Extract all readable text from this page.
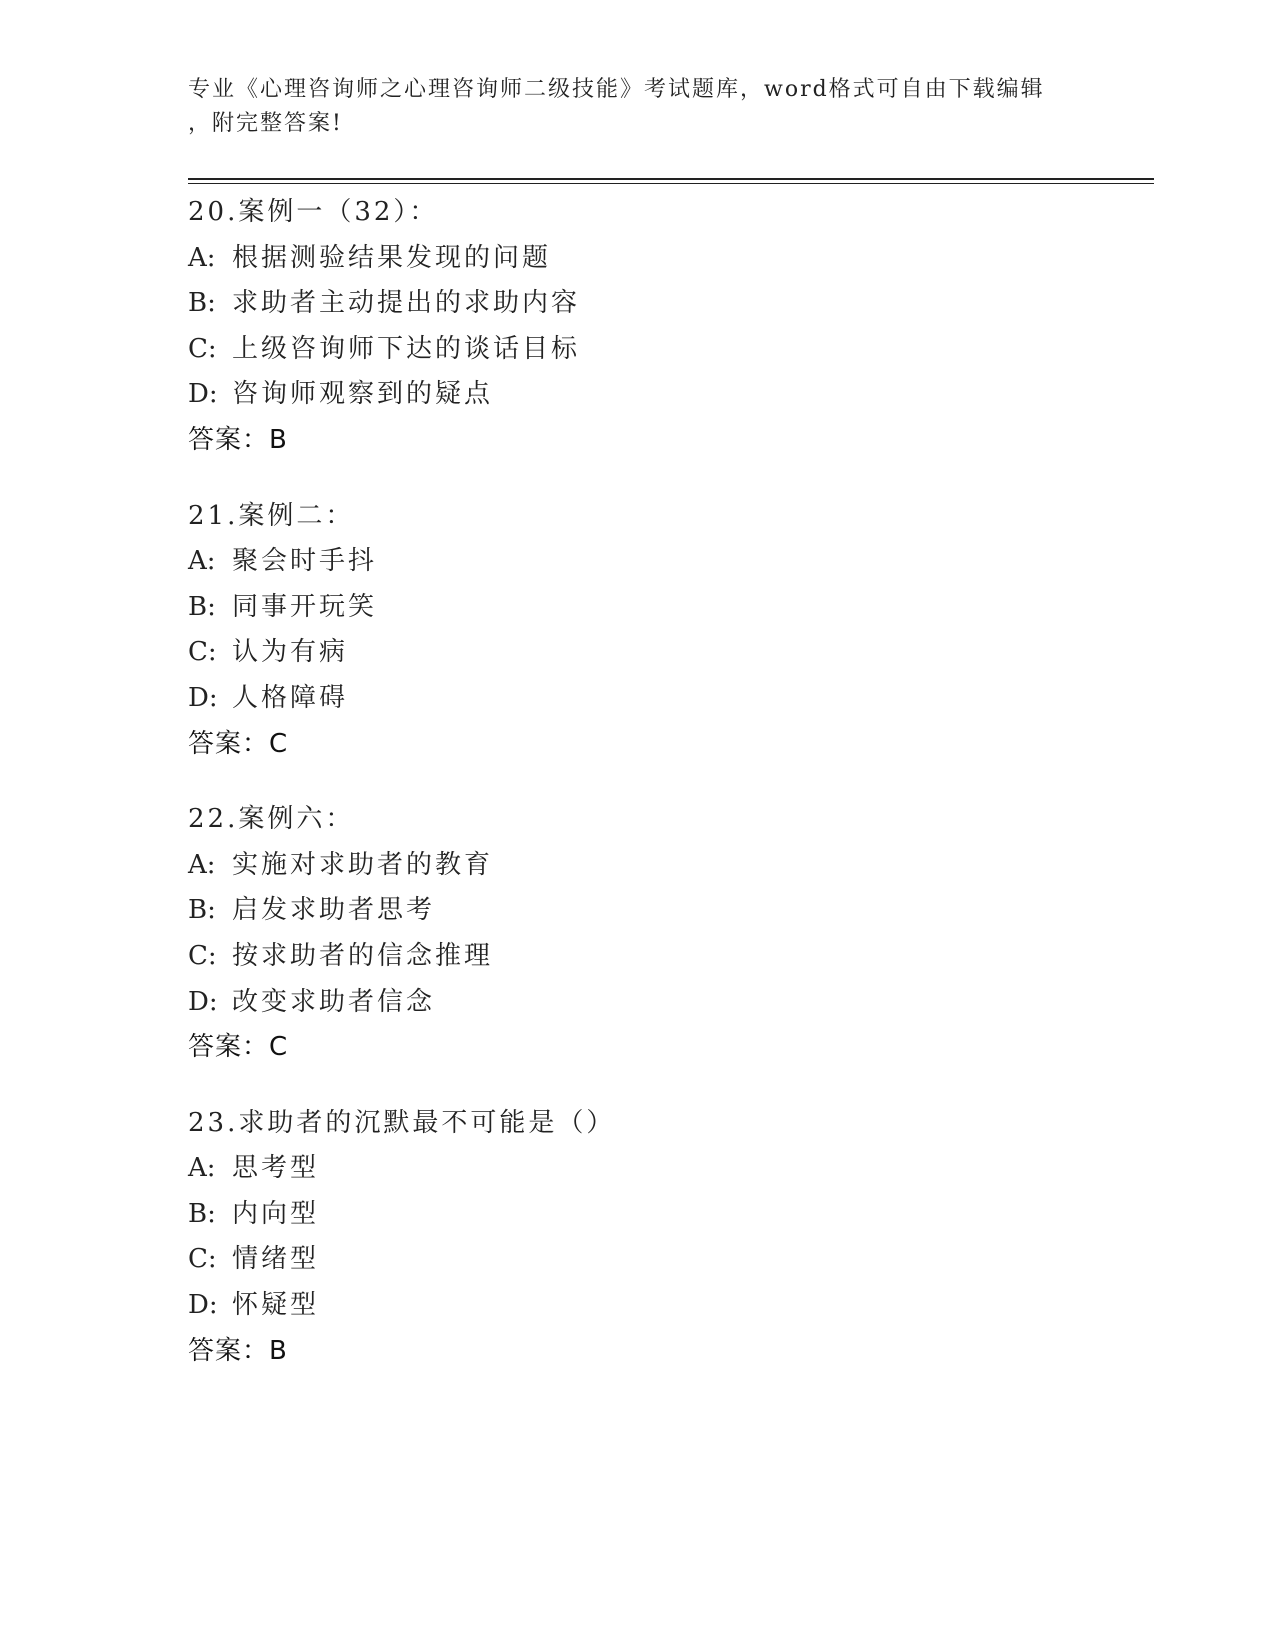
专业《心理咨询师之心理咨询师二级技能》考试题库，word格式可自由下载编辑
，附完整答案!
20.案例一（32）：
A: 根据测验结果发现的问题
B: 求助者主动提出的求助内容
C: 上级咨询师下达的谈话目标
D: 咨询师观察到的疑点
答案：B
21.案例二：
A: 聚会时手抖
B: 同事开玩笑
C: 认为有病
D: 人格障碍
答案：C
22.案例六：
A: 实施对求助者的教育
B: 启发求助者思考
C: 按求助者的信念推理
D: 改变求助者信念
答案：C
23.求助者的沉默最不可能是（）
A: 思考型
B: 内向型
C: 情绪型
D: 怀疑型
答案：B
